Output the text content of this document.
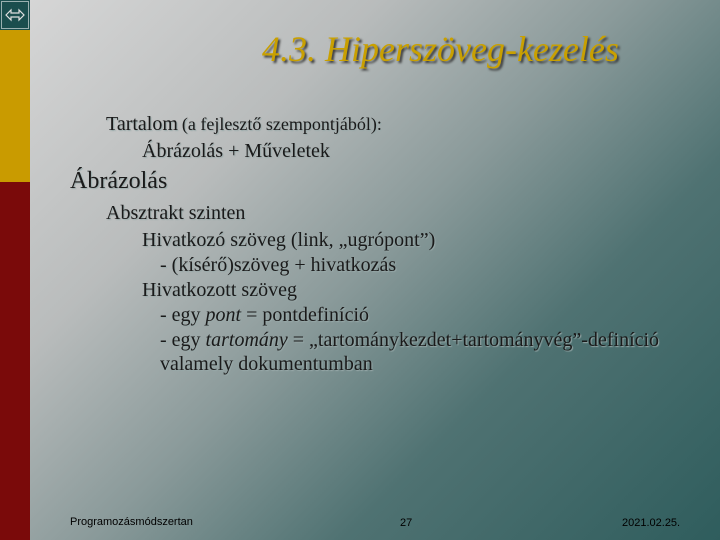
4.3. Hiperszöveg-kezelés
Tartalom (a fejlesztő szempontjából):
Ábrázolás + Műveletek
Ábrázolás
Absztrakt szinten
Hivatkozó szöveg (link, „ugrópont”)
- (kísérő)szöveg + hivatkozás
Hivatkozott szöveg
- egy pont = pontdefiníció
- egy tartomány = „tartománykezdet+tartományvég”-definíció
valamely dokumentumban
Programozásmódszertan	27	2021.02.25.
